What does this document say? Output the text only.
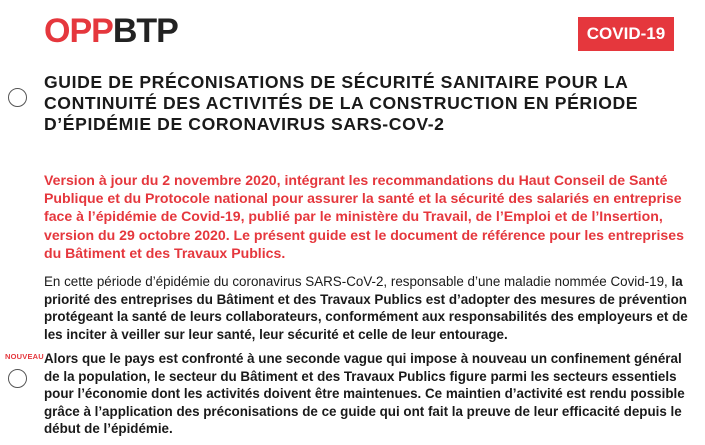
OPPBTP	COVID-19
GUIDE DE PRÉCONISATIONS DE SÉCURITÉ SANITAIRE POUR LA CONTINUITÉ DES ACTIVITÉS DE LA CONSTRUCTION EN PÉRIODE D’ÉPIDÉMIE DE CORONAVIRUS SARS-COV-2
Version à jour du 2 novembre 2020, intégrant les recommandations du Haut Conseil de Santé Publique et du Protocole national pour assurer la santé et la sécurité des salariés en entreprise face à l’épidémie de Covid-19, publié par le ministère du Travail, de l’Emploi et de l’Insertion, version du 29 octobre 2020. Le présent guide est le document de référence pour les entreprises du Bâtiment et des Travaux Publics.
En cette période d’épidémie du coronavirus SARS-CoV-2, responsable d’une maladie nommée Covid-19, la priorité des entreprises du Bâtiment et des Travaux Publics est d’adopter des mesures de prévention protégeant la santé de leurs collaborateurs, conformément aux responsabilités des employeurs et de les inciter à veiller sur leur santé, leur sécurité et celle de leur entourage.
NOUVEAU Alors que le pays est confronté à une seconde vague qui impose à nouveau un confinement général de la population, le secteur du Bâtiment et des Travaux Publics figure parmi les secteurs essentiels pour l’économie dont les activités doivent être maintenues. Ce maintien d’activité est rendu possible grâce à l’application des préconisations de ce guide qui ont fait la preuve de leur efficacité depuis le début de l’épidémie.
